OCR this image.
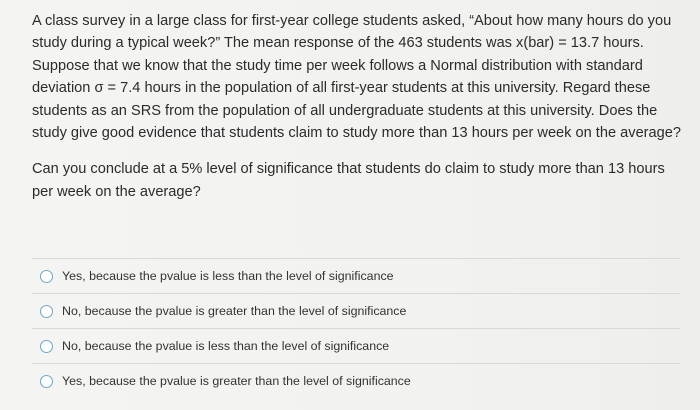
A class survey in a large class for first-year college students asked, “About how many hours do you study during a typical week?” The mean response of the 463 students was x(bar) = 13.7 hours. Suppose that we know that the study time per week follows a Normal distribution with standard deviation σ = 7.4 hours in the population of all first-year students at this university. Regard these students as an SRS from the population of all undergraduate students at this university. Does the study give good evidence that students claim to study more than 13 hours per week on the average?

Can you conclude at a 5% level of significance that students do claim to study more than 13 hours per week on the average?

Yes, because the pvalue is less than the level of significance
No, because the pvalue is greater than the level of significance
No, because the pvalue is less than the level of significance
Yes, because the pvalue is greater than the level of significance
